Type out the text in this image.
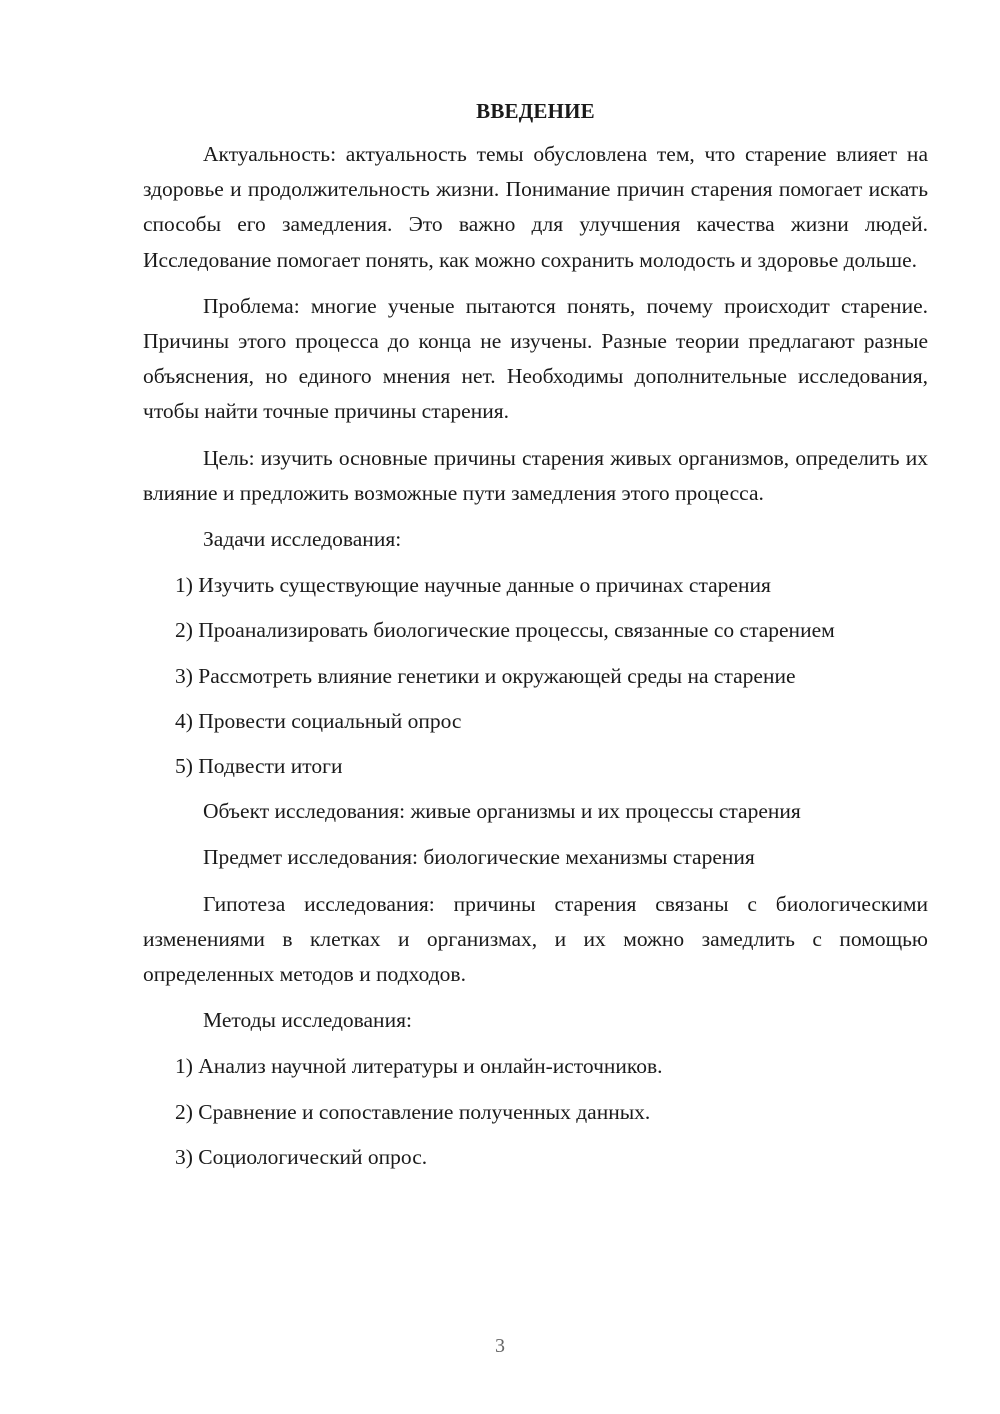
ВВЕДЕНИЕ

Актуальность: актуальность темы обусловлена тем, что старение влияет на здоровье и продолжительность жизни. Понимание причин старения помогает искать способы его замедления. Это важно для улучшения качества жизни людей. Исследование помогает понять, как можно сохранить молодость и здоровье дольше.

Проблема: многие ученые пытаются понять, почему происходит старение. Причины этого процесса до конца не изучены. Разные теории предлагают разные объяснения, но единого мнения нет. Необходимы дополнительные исследования, чтобы найти точные причины старения.

Цель: изучить основные причины старения живых организмов, определить их влияние и предложить возможные пути замедления этого процесса.

Задачи исследования:

1) Изучить существующие научные данные о причинах старения

2) Проанализировать биологические процессы, связанные со старением

3) Рассмотреть влияние генетики и окружающей среды на старение

4) Провести социальный опрос

5) Подвести итоги

Объект исследования: живые организмы и их процессы старения

Предмет исследования: биологические механизмы старения

Гипотеза исследования: причины старения связаны с биологическими изменениями в клетках и организмах, и их можно замедлить с помощью определенных методов и подходов.

Методы исследования:

1) Анализ научной литературы и онлайн-источников.

2) Сравнение и сопоставление полученных данных.

3) Социологический опрос.

3
